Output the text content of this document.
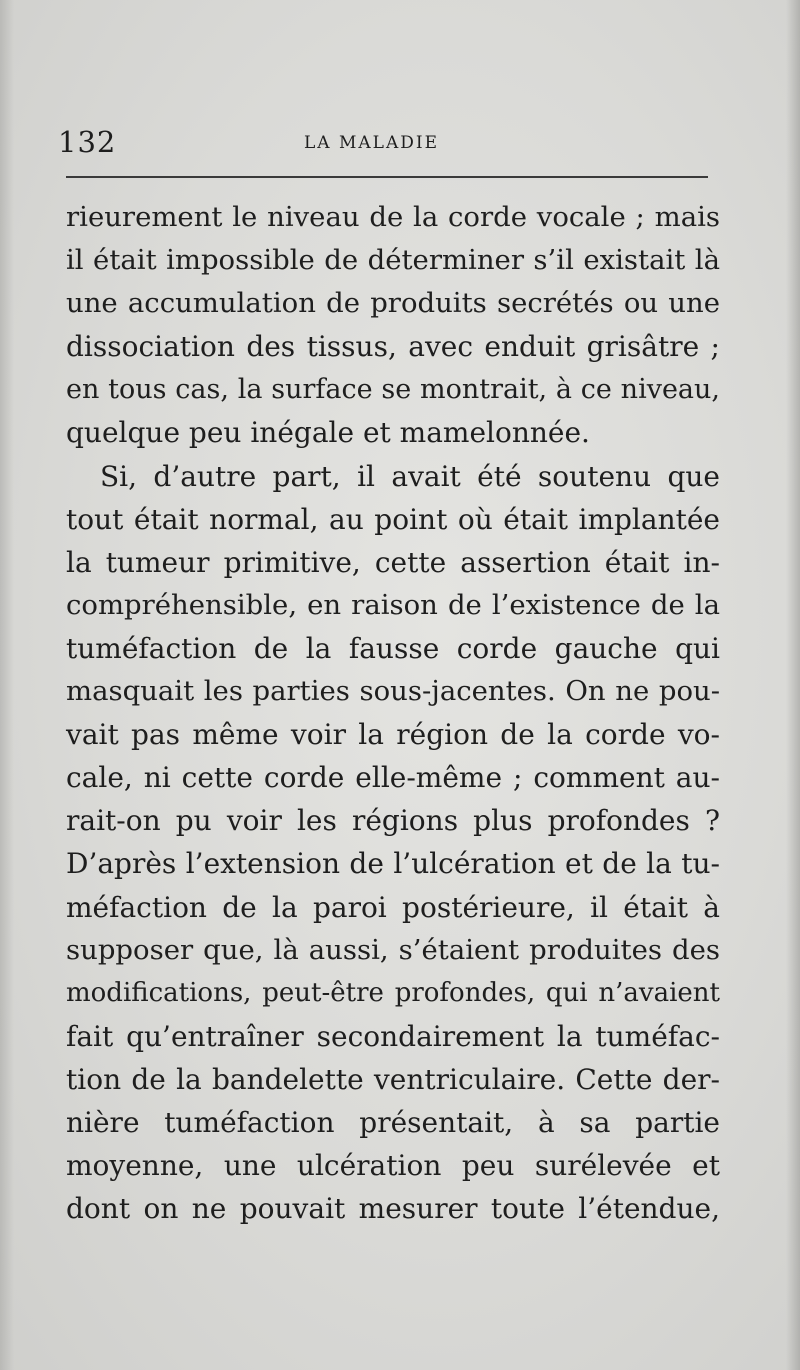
132	LA MALADIE
rieurement le niveau de la corde vocale ; mais
il était impossible de déterminer s’il existait là
une accumulation de produits secrétés ou une
dissociation des tissus, avec enduit grisâtre ;
en tous cas, la surface se montrait, à ce niveau,
quelque peu inégale et mamelonnée.
Si, d’autre part, il avait été soutenu que
tout était normal, au point où était implantée
la tumeur primitive, cette assertion était in-
compréhensible, en raison de l’existence de la
tuméfaction de la fausse corde gauche qui
masquait les parties sous-jacentes. On ne pou-
vait pas même voir la région de la corde vo-
cale, ni cette corde elle-même ; comment au-
rait-on pu voir les régions plus profondes ?
D’après l’extension de l’ulcération et de la tu-
méfaction de la paroi postérieure, il était à
supposer que, là aussi, s’étaient produites des
modifications, peut-être profondes, qui n’avaient
fait qu’entraîner secondairement la tuméfac-
tion de la bandelette ventriculaire. Cette der-
nière tuméfaction présentait, à sa partie
moyenne, une ulcération peu surélevée et
dont on ne pouvait mesurer toute l’étendue,
